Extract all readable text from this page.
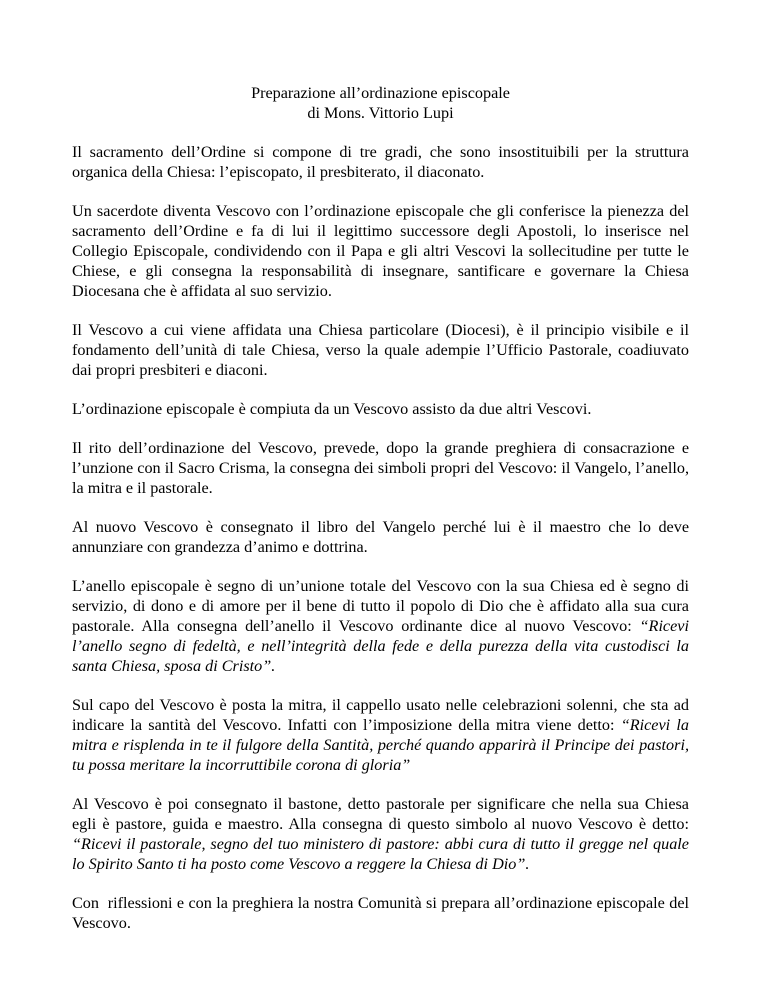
Preparazione all’ordinazione episcopale
di Mons. Vittorio Lupi

Il sacramento dell’Ordine si compone di tre gradi, che sono insostituibili per la struttura organica della Chiesa: l’episcopato, il presbiterato, il diaconato.

Un sacerdote diventa Vescovo con l’ordinazione episcopale che gli conferisce la pienezza del sacramento dell’Ordine e fa di lui il legittimo successore degli Apostoli, lo inserisce nel Collegio Episcopale, condividendo con il Papa e gli altri Vescovi la sollecitudine per tutte le Chiese, e gli consegna la responsabilità di insegnare, santificare e governare la Chiesa Diocesana che è affidata al suo servizio.

Il Vescovo a cui viene affidata una Chiesa particolare (Diocesi), è il principio visibile e il fondamento dell’unità di tale Chiesa, verso la quale adempie l’Ufficio Pastorale, coadiuvato dai propri presbiteri e diaconi.

L’ordinazione episcopale è compiuta da un Vescovo assisto da due altri Vescovi.

Il rito dell’ordinazione del Vescovo, prevede, dopo la grande preghiera di consacrazione e l’unzione con il Sacro Crisma, la consegna dei simboli propri del Vescovo: il Vangelo, l’anello, la mitra e il pastorale.

Al nuovo Vescovo è consegnato il libro del Vangelo perché lui è il maestro che lo deve annunziare con grandezza d’animo e dottrina.

L’anello episcopale è segno di un’unione totale del Vescovo con la sua Chiesa ed è segno di servizio, di dono e di amore per il bene di tutto il popolo di Dio che è affidato alla sua cura pastorale. Alla consegna dell’anello il Vescovo ordinante dice al nuovo Vescovo: “Ricevi l’anello segno di fedeltà, e nell’integrità della fede e della purezza della vita custodisci la santa Chiesa, sposa di Cristo”.

Sul capo del Vescovo è posta la mitra, il cappello usato nelle celebrazioni solenni, che sta ad indicare la santità del Vescovo. Infatti con l’imposizione della mitra viene detto: “Ricevi la mitra e risplenda in te il fulgore della Santità, perché quando apparirà il Principe dei pastori, tu possa meritare la incorruttibile corona di gloria”

Al Vescovo è poi consegnato il bastone, detto pastorale per significare che nella sua Chiesa egli è pastore, guida e maestro. Alla consegna di questo simbolo al nuovo Vescovo è detto: “Ricevi il pastorale, segno del tuo ministero di pastore: abbi cura di tutto il gregge nel quale lo Spirito Santo ti ha posto come Vescovo a reggere la Chiesa di Dio”.

Con  riflessioni e con la preghiera la nostra Comunità si prepara all’ordinazione episcopale del Vescovo.
